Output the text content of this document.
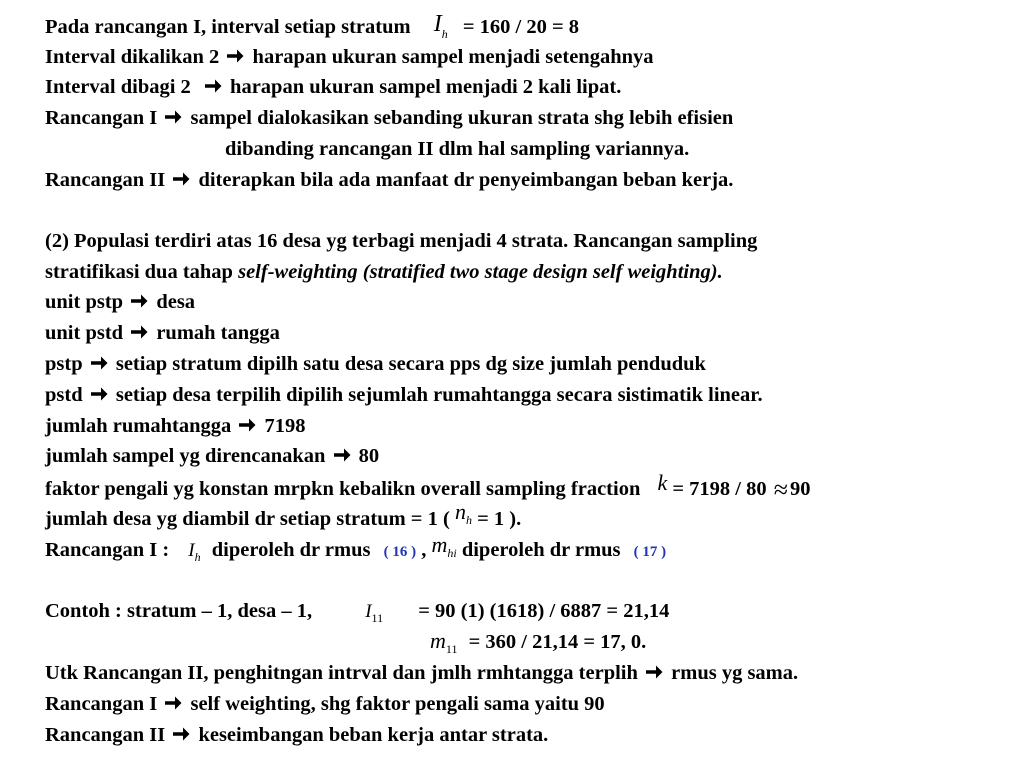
Pada rancangan I, interval setiap stratum $I_h = 160 / 20 = 8$
Interval dikalikan 2 harapan ukuran sampel menjadi setengahnya
Interval dibagi 2 harapan ukuran sampel menjadi 2 kali lipat.
Rancangan I sampel dialokasikan sebanding ukuran strata shg lebih efisien
dibanding rancangan II dlm hal sampling variannya.
Rancangan II diterapkan bila ada manfaat dr penyeimbangan beban kerja.
(2) Populasi terdiri atas 16 desa yg terbagi menjadi 4 strata. Rancangan sampling
stratifikasi dua tahap self-weighting (stratified two stage design self weighting).
unit pstp desa
unit pstd rumah tangga
pstp setiap stratum dipilh satu desa secara pps dg size jumlah penduduk
pstd setiap desa terpilih dipilih sejumlah rumahtangga secara sistimatik linear.
jumlah rumahtangga 7198
jumlah sampel yg direncanakan 80
faktor pengali yg konstan mrpkn kebalikn overall sampling fraction k = 7198 / 80 ≈90
jumlah desa yg diambil dr setiap stratum = 1 ( nh = 1 ).
Rancangan I : $I_h$ diperoleh dr rmus ( 16 ) , mhi diperoleh dr rmus ( 17 )
Contoh : stratum – 1, desa – 1,	$I_{11} = 90$ (1) (1618) / 6887 = 21,14
$m_{11} = 360 / 21,14 = 17$, 0.
Utk Rancangan II, penghitngan intrval dan jmlh rmhtangga terplih rmus yg sama.
Rancangan I self weighting, shg faktor pengali sama yaitu 90
Rancangan II keseimbangan beban kerja antar strata.
